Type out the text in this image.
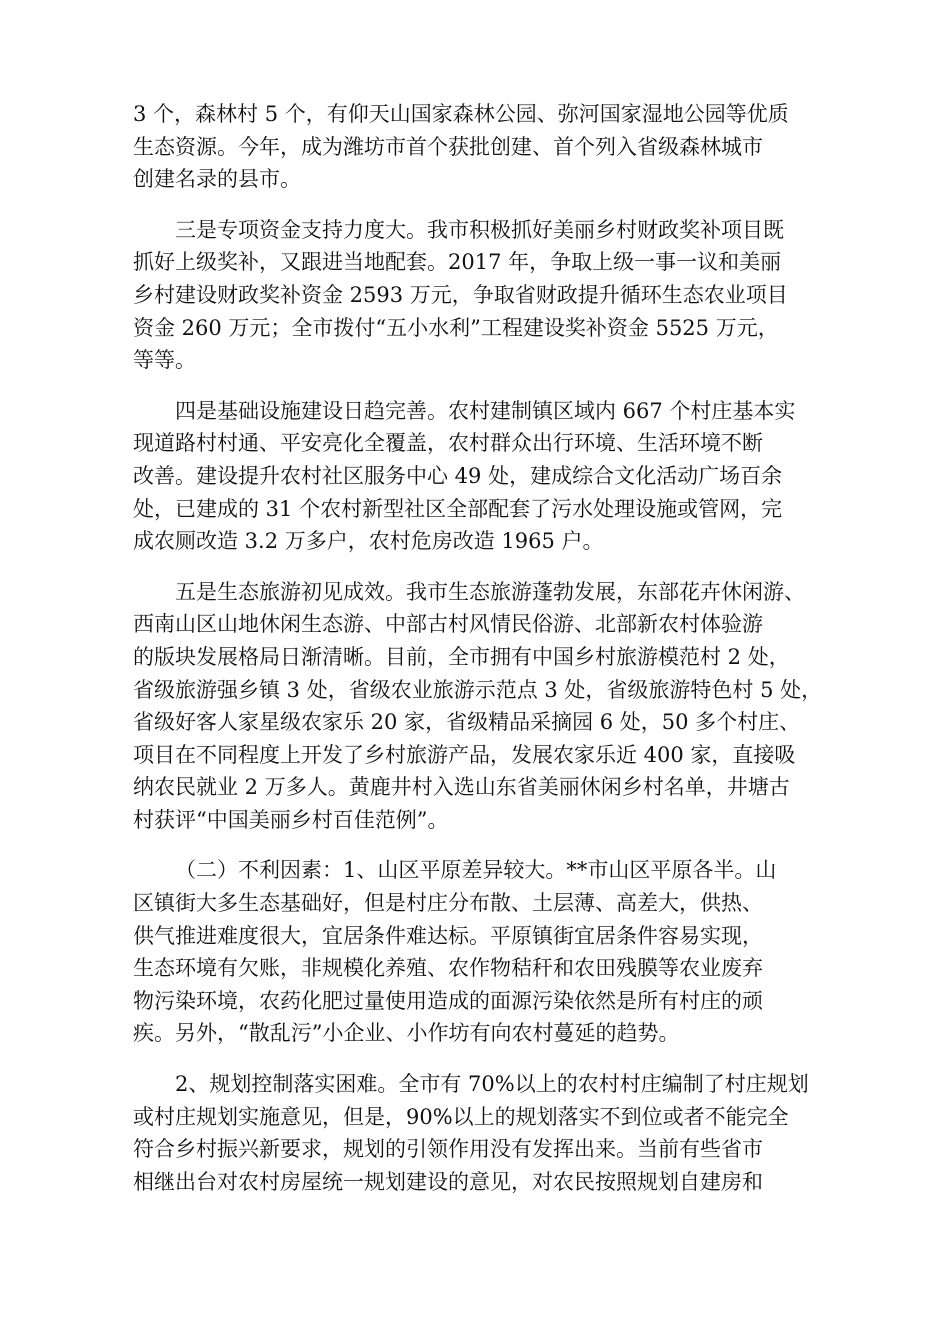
3 个，森林村 5 个，有仰天山国家森林公园、弥河国家湿地公园等优质
生态资源。今年，成为潍坊市首个获批创建、首个列入省级森林城市
创建名录的县市。
三是专项资金支持力度大。我市积极抓好美丽乡村财政奖补项目既
抓好上级奖补，又跟进当地配套。2017 年，争取上级一事一议和美丽
乡村建设财政奖补资金 2593 万元，争取省财政提升循环生态农业项目
资金 260 万元；全市拨付“五小水利”工程建设奖补资金 5525 万元，
等等。
四是基础设施建设日趋完善。农村建制镇区域内 667 个村庄基本实
现道路村村通、平安亮化全覆盖，农村群众出行环境、生活环境不断
改善。建设提升农村社区服务中心 49 处，建成综合文化活动广场百余
处，已建成的 31 个农村新型社区全部配套了污水处理设施或管网，完
成农厕改造 3.2 万多户，农村危房改造 1965 户。
五是生态旅游初见成效。我市生态旅游蓬勃发展，东部花卉休闲游、
西南山区山地休闲生态游、中部古村风情民俗游、北部新农村体验游
的版块发展格局日渐清晰。目前，全市拥有中国乡村旅游模范村 2 处，
省级旅游强乡镇 3 处，省级农业旅游示范点 3 处，省级旅游特色村 5 处，
省级好客人家星级农家乐 20 家，省级精品采摘园 6 处，50 多个村庄、
项目在不同程度上开发了乡村旅游产品，发展农家乐近 400 家，直接吸
纳农民就业 2 万多人。黄鹿井村入选山东省美丽休闲乡村名单，井塘古
村获评“中国美丽乡村百佳范例”。
（二）不利因素：1、山区平原差异较大。**市山区平原各半。山
区镇街大多生态基础好，但是村庄分布散、土层薄、高差大，供热、
供气推进难度很大，宜居条件难达标。平原镇街宜居条件容易实现，
生态环境有欠账，非规模化养殖、农作物秸秆和农田残膜等农业废弃
物污染环境，农药化肥过量使用造成的面源污染依然是所有村庄的顽
疾。另外，“散乱污”小企业、小作坊有向农村蔓延的趋势。
2、规划控制落实困难。全市有 70%以上的农村村庄编制了村庄规划
或村庄规划实施意见，但是，90%以上的规划落实不到位或者不能完全
符合乡村振兴新要求，规划的引领作用没有发挥出来。当前有些省市
相继出台对农村房屋统一规划建设的意见，对农民按照规划自建房和
